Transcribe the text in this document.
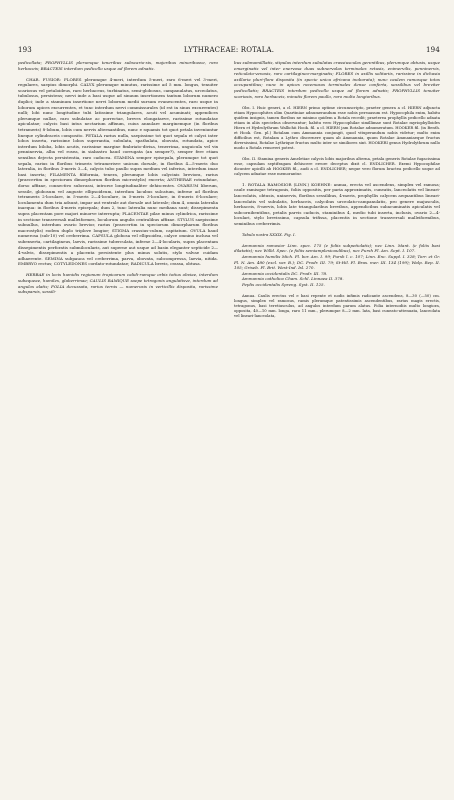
193	LYTHRACEAE: ROTALA.	194

pedicellata; PROPHYLLIS plerumque teneribus subscario-sis, majoribus minoribusve, raro herbaceis; BRACTEIS interdum pedicello usque ad florem adnatis.

CHAR. FUSIOR: FLORES plerumque 4-meri, interdum 5-meri, raro 6-meri vel 3-meri, regulares, saepius dimorphi. CALYX plerumque minutus, rarissime ad 5 mm. longus, tenuiter scariosus vel petaloideus, raro herbaceus, turbinatus, semi-globosus, campanulatus, urceolatus, tubulosus, persistens; nervi inde a basi usque ad sinuum insertionem tantum loborum numero duplici; inde a staminum insertione nervi loborum medii sursum evanescentes, raro usque in loborum apices excurrentes, et tunc interdum nervi commissurales (id est in sinus excurrentes) nulli; lobi nunc longitudine tubi latissime triangulares, acuti vel acuminati; appendices plerumque nullae, raro subulatae ac porrectae, breves elongataeve, rarissime rotundatae apiculatae; calycis basi intus nectarium affixum, cuius annulare marginemque (in floribus tetrameris) 8-lobum, lobis cum nervis alternantibus, nunc e squamis tot quot petala inveniuntur lineque cylindraceis composito. PETALA rarius nulla, saepissime tot quot sepala et calyci inter lobos inserta, rarissime lobos superantia, subulata, spathulata, obovata, rotundata, apice interdum biloba, lobis acutis, rarissime margine fimbriato-divisa, tenerrima, unguicula vel vix penninervia, alba vel rosea, in siabastro haud corrugata (an semper?), semper fere etiam sensibus dejecta persistentia, raro caducea. STAMINA semper episepala, plerumque tot quot sepala, rarius in floribus trimeris tetramerisve unicum dorsale, in floribus 4—5-meris duo lateralia, in floribus 3-meris 3—4, calycis tubo paullo supra medium vel inferius, interdum imae basi inserta; FILAMENTA filiformia, tenera, plerumque lobis calycinis breviora, rarius (praecertim in speciorum dimorphorum floribus microstylis) excerta; ANTHERAE rotundatae, dorso affixae, connectivo subcrassi, introrse longitudinaliter dehiscentes. OVARIUM liberum, sessile, globosum vel anguste ellipsoideum, interdum lacubus sulcatum, inferne ad floribus tetrameris 2-loculare, in 5-meris 2—4-loculare, in 5-meris 3-loculare, in 6-meris 6-loculare; loculamenta dum tria adsunt, impar aut ventrale aut dorsale aut laterale; dum 4, omnia lateralia inaequa: in floribus 4-meris episepala; dum 2, tunc lateralia nunc mediana sunt; dissepimenta supra placentam pore majori minorve interrupta; PLACENTAE pilae minus cylindrica, rarissime in sectione transversali malleiformes, loculorum angulis centralibus affixae. STYLUS saepissime subnullus, interdum ovario brevior, rarius (praecertim in speciorum dimorpharum floribus macrostylis) eodem duplo triplove longior; STIGMA crassius-culum, capitatum. OVULA haud numerosa (sub-10) vel creberrima. CAPSULA globosa vel ellipsoidea, calyce omnino inclusa vel subexserta, cartilagineus, laevis, rarissime tuberculata, inferne 2—4-locularis, supra placentam dissepimentis perforatis submilocularis, aut superne aut usque ad basin eleganter septicide 2—4-valvis, dissepimentis a placenta persistente plus minus solutis, stylo valvae cuidam adhaerente. SEMINA subpauca vel creberrima, parva, obovata, subcompressa, laevia, nitida. EMBRYO rectus; COTYLEDONES cordato-rotundatae; RADICULA brevis, crassa, obtusa.

HERBAE in locis humidis regionum tropicarum calidi-rumque orbis totius obviae, interdum subaqueae, humiles, glaberrimae; CAULIS RAMIQUE saepe tetragonis angulatisve, interdum ad angulos alatis; FOLIA decussata, rarius ternis — numerosis in verticillis disposita, rarissime subsparsis, sessili-

bus submamilllatis, stipulas interdum subulatas crassiusculas gerentibus, plerumque obtusis, usque emarginatis vel inter enervosa duas subnervolas terminales retusis, enimervilis, penninervis, reticulato-venosis, raro cartilagineo-marginatis; FLORES in axillis solitariis, rarissime in dichasia axillaria pluri-flora disposita (in specie unica africana inoborata); nunc caulem ramosque totos occupantibus; nunc in apices racemosos terminales dense conferta, sessilibus vel breviter pedicellatis; BRACTEIS interdum pedicello usque ad florem adnatis; PROPHYLLIS tenuiter scariosis, raro herbaceis, minutis florem paullo, raro multo longioribus.

Obs. I. Huic generi, a cl. HIERN primo optime circumscripto, praeter genera a cl. HIERN adjuncta etiam Hypocophites olim Quartiniae adnumerandum esse nobis persuasum est. Hypocophila enim, habitu quidem insignis, tamen floribus ne minimo quidem a Rotala recedit; praeterea prophyllis pedicello adnata etiam in aliis speciebus observantur; habitu vero Hypocophilae simillimae sunt Rotalae myriophylloides Hiern et Hydrolythrum Wallichii Hook. fil. a cl. HIERN jam Rotalae adnumeratum. HOOKER fil. (in Benth. et Hook. Gen. pl.) Rotalam cum Ammannia conjungit, quod vituperandum nobis videtur; multo enim difficilius est, Rotalam a Lythro discernere quam ab Ammannia, quum Rotalae Ammaniaeque fructus diversissimi, Rotalae Lythrique fructus multo inter se similiores sint. HOOKERI genus Hydrolythrum nullo modo a Rotala removeri potest.

Obs. II. Stamina generis Ameletiae calycis lobis majoribus alterna, petala generis Rotalae fugacissima esse, capsulam septifragam dehiscere errore deceptus dixit cl. ENDLICHER. Exemi Hypocophilae dicunter apicilli ab HOOKER fil., audi a cl. ENDLICHER; neque vero florum bractea pedicello usque ad calycem adnatae esse memorantur.

1. ROTALA RAMOSIOR (LINN.) KOEHNE: annua, erecta vel ascendens, simplex vel ramosa; caule ramisque tetragonis, foliis oppositis, per paria approximatis, cuneatis, lanceolatis vel lineari-lanceolatis, obtusis, uninervis, floribus sessilibus, 4-meris, prophyllis calycem aequantibus lineari-lanceolatis vel subulatis, herbaceis, calycibus urceolato-campanulatis, pro genere majusculis, herbaceis, 8-nervis, lobis late triangularibus brevibus, appendicibus subacuminatis apiculatis vel subcornibentibus, petalis parvis caducis, staminibus 4, medio tubi inserta, inclusis, ovario 2—4-loculari, stylo brevissimo, capsula trifissa, placentis in sectione transversali malleiformibus, seminibus creberrimis.

Tabula nostra XXXIX. Fig. I.

Ammannia ramosior Linn. spec. 175 (e foliis subpetiolatis); nec Linn. Mant. (e foliis basi dilatatis); nec Willd. Spec. (e foliis semiamplexicaulibus), nec Pursh Fl. Am. Sept. I. 107.

Ammannia humilis Mich. Fl. bor. Am. I. 99; Pursh l. c. 107; Linn. Enc. Suppl. I. 328; Torr. et Gr. Fl. N. Am. 480 (excl. var. B.); DC. Prodr. III. 79; St-Hil. Fl. Bras. mer. III. 134 (199); Walp. Rep. II. 105; Griseb. Fl. Brit. West-Ind. Isl. 270.

Ammannia occidentalis DC. Prodr. III. 78.

Ammannia catholica Cham. Schl. Linnaea II. 378.

Peplis occidentalis Spreng. Syst. II. 125.

Annua. Caulis erectus vel e basi repente et nodis infimis radicante ascendens, 8—30 (—50) cm. longus, simplex vel ramosus, ramis plerumque patentissimis ascendentibus, rarius magis erectis, tetragonus, basi teretiusculus, ad angulos interdum parum alatus. Folia internodiis multo longiora, opposita, 40—10 mm. longa, raro 11 mm., plerumque 8—2 mm. lata, basi cuneato-attenuata, lanceolata vel lineari-lanceolata,
